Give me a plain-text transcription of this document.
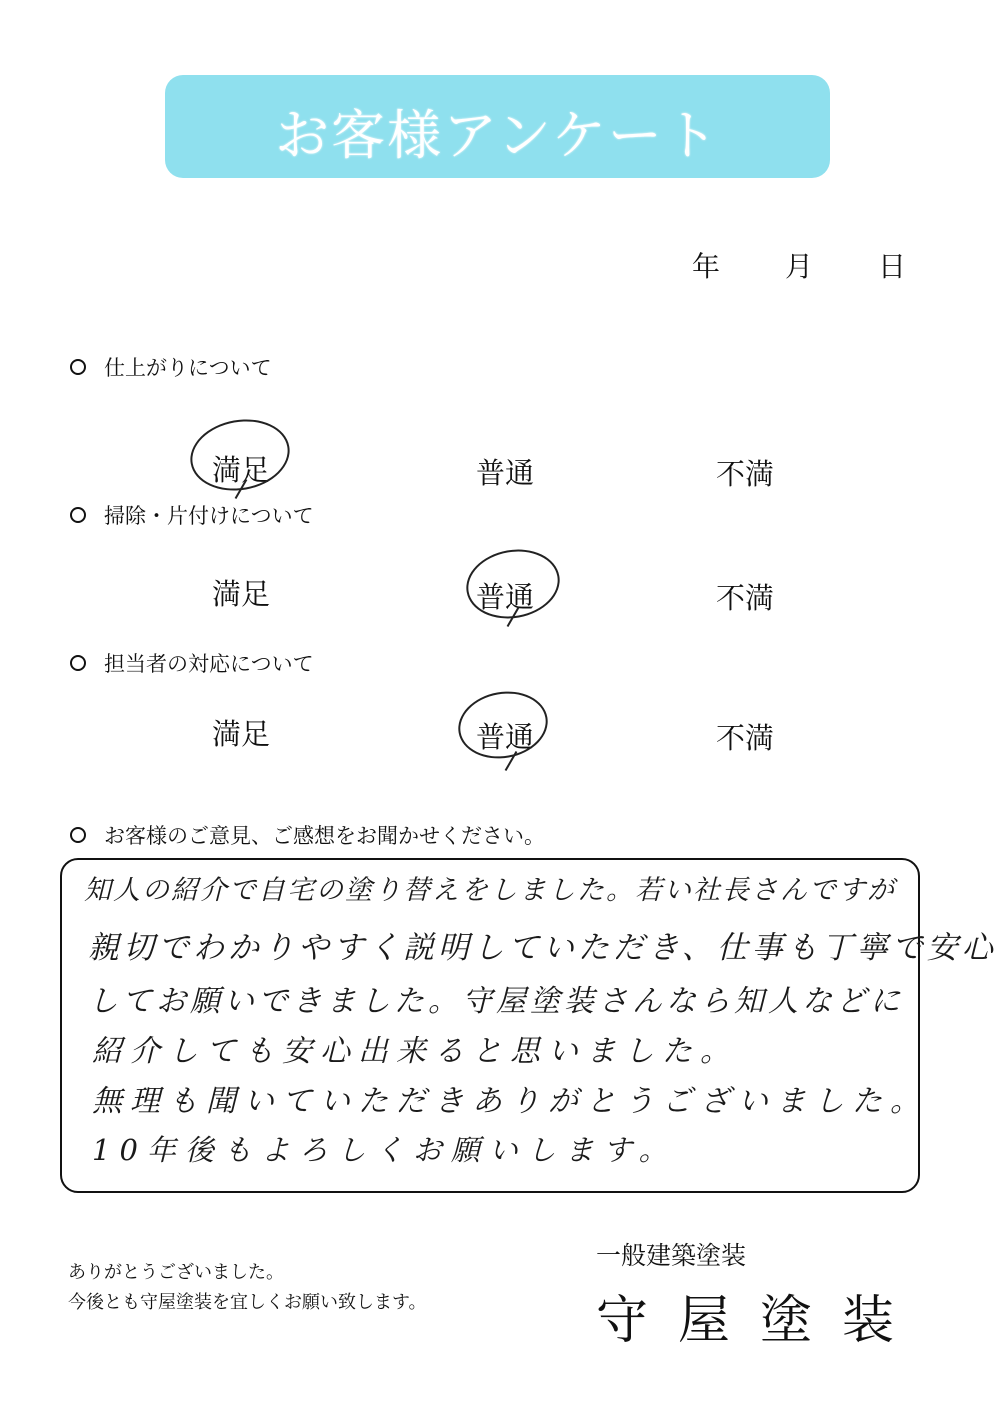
お客様アンケート
年 月 日
仕上がりについて
満足	普通	不満
掃除・片付けについて
満足	普通	不満
担当者の対応について
満足	普通	不満
お客様のご意見、ご感想をお聞かせください。
知人の紹介で自宅の塗り替えをしました。若い社長さんですが
親切でわかりやすく説明していただき、仕事も丁寧で安心
してお願いできました。守屋塗装さんなら知人などに
紹介しても安心出来ると思いました。
無理も聞いていただきありがとうございました。
10年後もよろしくお願いします。
ありがとうございました。
今後とも守屋塗装を宜しくお願い致します。
一般建築塗装
守屋塗装
